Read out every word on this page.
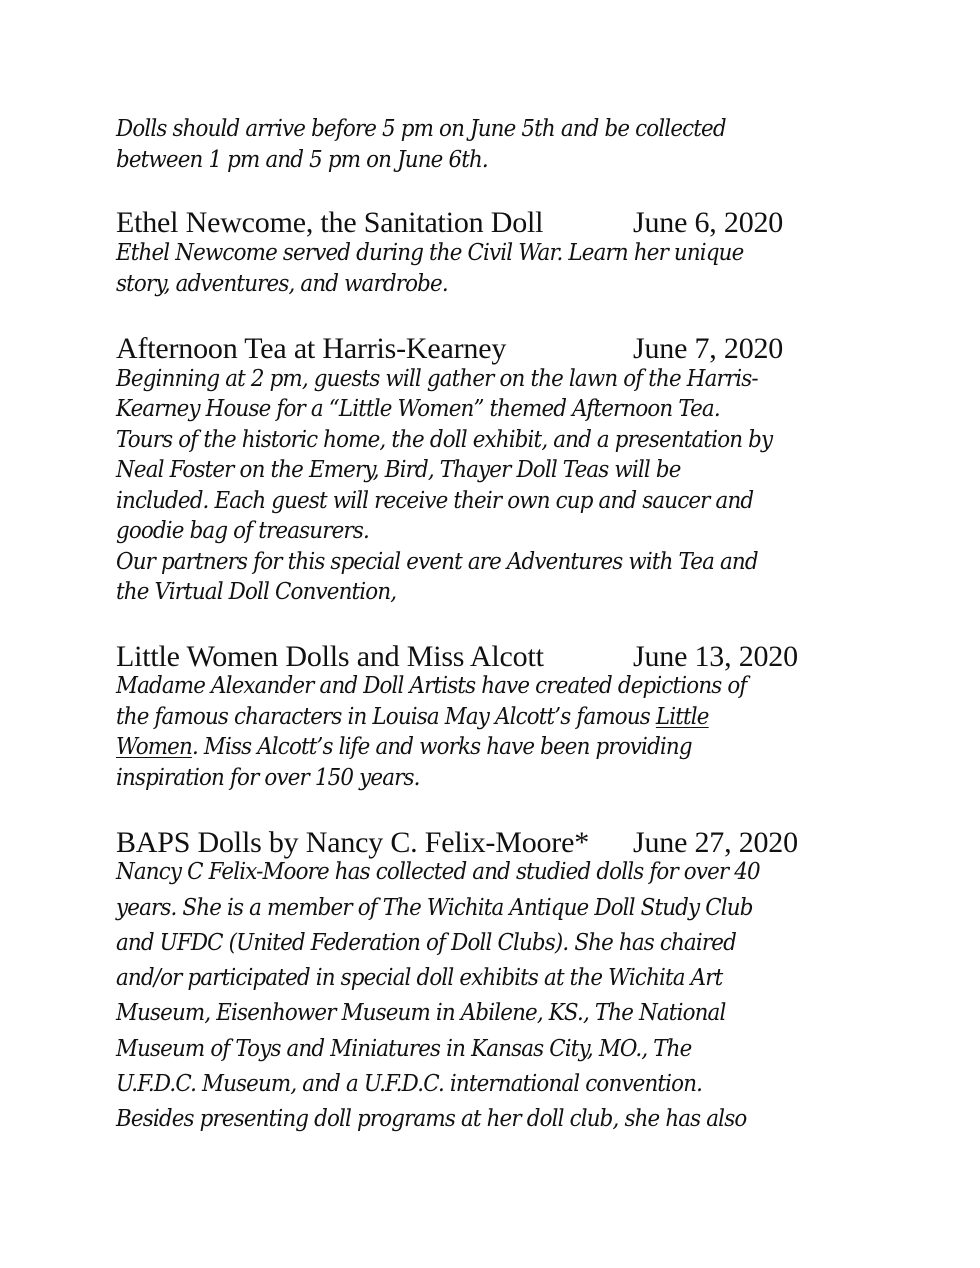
Dolls should arrive before 5 pm on June 5th and be collected
between 1 pm and 5 pm on June 6th.
Ethel Newcome, the Sanitation Doll	June 6, 2020
Ethel Newcome served during the Civil War. Learn her unique
story, adventures, and wardrobe.
Afternoon Tea at Harris-Kearney	June 7, 2020
Beginning at 2 pm, guests will gather on the lawn of the Harris-
Kearney House for a “Little Women” themed Afternoon Tea.
Tours of the historic home, the doll exhibit, and a presentation by
Neal Foster on the Emery, Bird, Thayer Doll Teas will be
included. Each guest will receive their own cup and saucer and
goodie bag of treasurers.
Our partners for this special event are Adventures with Tea and
the Virtual Doll Convention,
Little Women Dolls and Miss Alcott	June 13, 2020
Madame Alexander and Doll Artists have created depictions of
the famous characters in Louisa May Alcott’s famous Little
Women. Miss Alcott’s life and works have been providing
inspiration for over 150 years.
BAPS Dolls by Nancy C. Felix-Moore* June 27, 2020
Nancy C Felix-Moore has collected and studied dolls for over 40
years. She is a member of The Wichita Antique Doll Study Club
and UFDC (United Federation of Doll Clubs). She has chaired
and/or participated in special doll exhibits at the Wichita Art
Museum, Eisenhower Museum in Abilene, KS., The National
Museum of Toys and Miniatures in Kansas City, MO., The
U.F.D.C. Museum, and a U.F.D.C. international convention.
Besides presenting doll programs at her doll club, she has also
